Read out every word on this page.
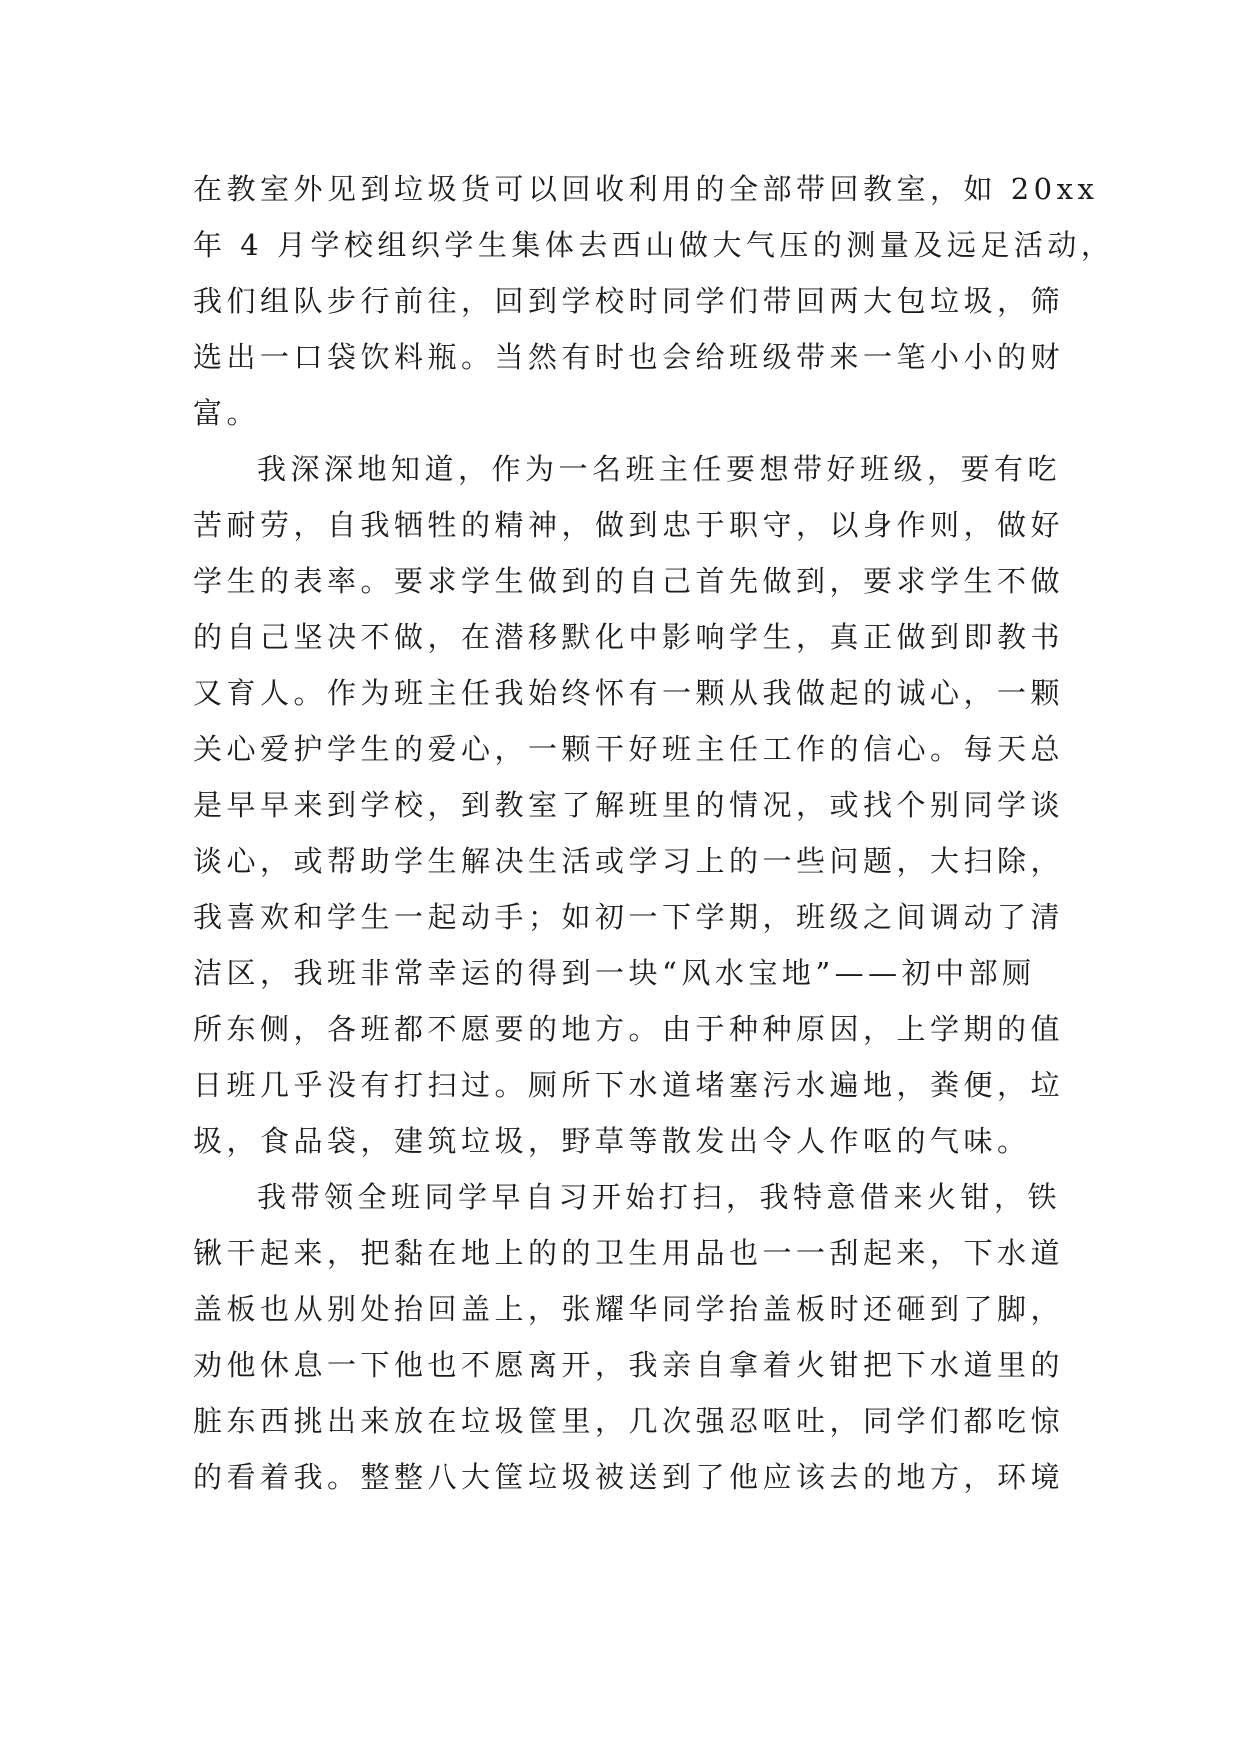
在教室外见到垃圾货可以回收利用的全部带回教室，如 20xx
年 4 月学校组织学生集体去西山做大气压的测量及远足活动，
我们组队步行前往，回到学校时同学们带回两大包垃圾，筛
选出一口袋饮料瓶。当然有时也会给班级带来一笔小小的财
富。
我深深地知道，作为一名班主任要想带好班级，要有吃
苦耐劳，自我牺牲的精神，做到忠于职守，以身作则，做好
学生的表率。要求学生做到的自己首先做到，要求学生不做
的自己坚决不做，在潜移默化中影响学生，真正做到即教书
又育人。作为班主任我始终怀有一颗从我做起的诚心，一颗
关心爱护学生的爱心，一颗干好班主任工作的信心。每天总
是早早来到学校，到教室了解班里的情况，或找个别同学谈
谈心，或帮助学生解决生活或学习上的一些问题，大扫除，
我喜欢和学生一起动手；如初一下学期，班级之间调动了清
洁区，我班非常幸运的得到一块“风水宝地”——初中部厕
所东侧，各班都不愿要的地方。由于种种原因，上学期的值
日班几乎没有打扫过。厕所下水道堵塞污水遍地，粪便，垃
圾，食品袋，建筑垃圾，野草等散发出令人作呕的气味。
我带领全班同学早自习开始打扫，我特意借来火钳，铁
锹干起来，把黏在地上的的卫生用品也一一刮起来，下水道
盖板也从别处抬回盖上，张耀华同学抬盖板时还砸到了脚，
劝他休息一下他也不愿离开，我亲自拿着火钳把下水道里的
脏东西挑出来放在垃圾筐里，几次强忍呕吐，同学们都吃惊
的看着我。整整八大筐垃圾被送到了他应该去的地方，环境
